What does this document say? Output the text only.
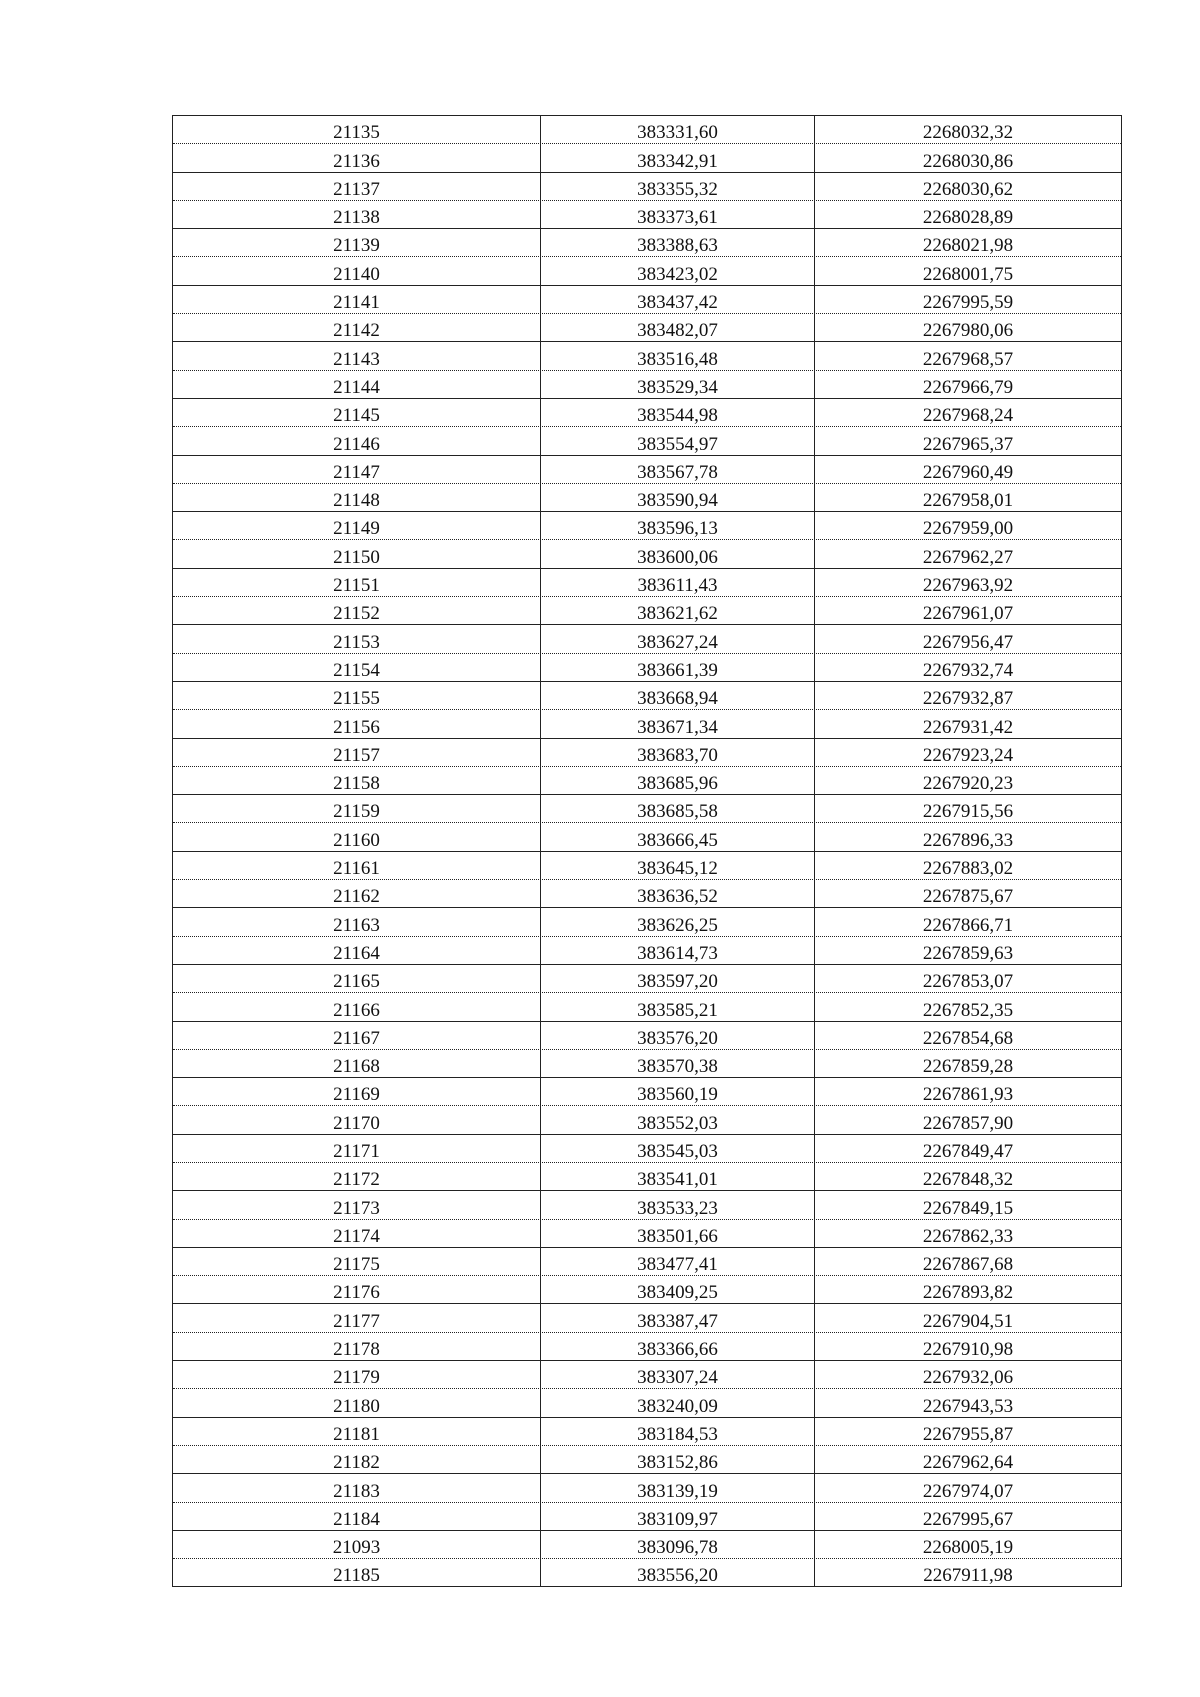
21135	383331,60	2268032,32
21136	383342,91	2268030,86
21137	383355,32	2268030,62
21138	383373,61	2268028,89
21139	383388,63	2268021,98
21140	383423,02	2268001,75
21141	383437,42	2267995,59
21142	383482,07	2267980,06
21143	383516,48	2267968,57
21144	383529,34	2267966,79
21145	383544,98	2267968,24
21146	383554,97	2267965,37
21147	383567,78	2267960,49
21148	383590,94	2267958,01
21149	383596,13	2267959,00
21150	383600,06	2267962,27
21151	383611,43	2267963,92
21152	383621,62	2267961,07
21153	383627,24	2267956,47
21154	383661,39	2267932,74
21155	383668,94	2267932,87
21156	383671,34	2267931,42
21157	383683,70	2267923,24
21158	383685,96	2267920,23
21159	383685,58	2267915,56
21160	383666,45	2267896,33
21161	383645,12	2267883,02
21162	383636,52	2267875,67
21163	383626,25	2267866,71
21164	383614,73	2267859,63
21165	383597,20	2267853,07
21166	383585,21	2267852,35
21167	383576,20	2267854,68
21168	383570,38	2267859,28
21169	383560,19	2267861,93
21170	383552,03	2267857,90
21171	383545,03	2267849,47
21172	383541,01	2267848,32
21173	383533,23	2267849,15
21174	383501,66	2267862,33
21175	383477,41	2267867,68
21176	383409,25	2267893,82
21177	383387,47	2267904,51
21178	383366,66	2267910,98
21179	383307,24	2267932,06
21180	383240,09	2267943,53
21181	383184,53	2267955,87
21182	383152,86	2267962,64
21183	383139,19	2267974,07
21184	383109,97	2267995,67
21093	383096,78	2268005,19
21185	383556,20	2267911,98
